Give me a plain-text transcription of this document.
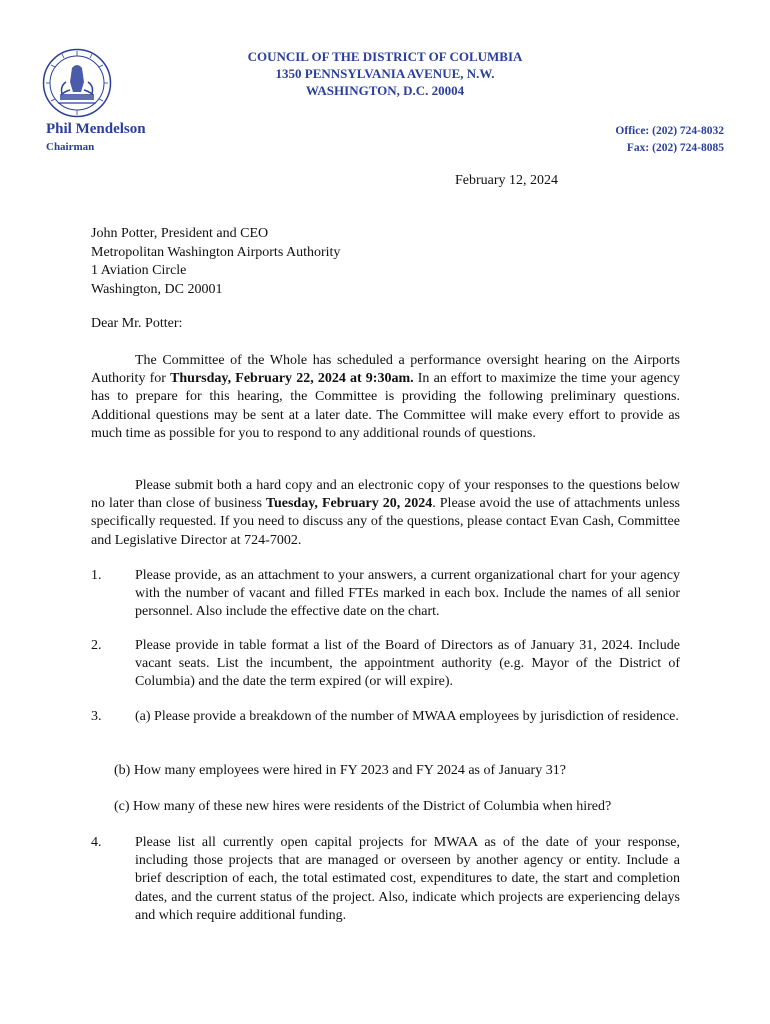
COUNCIL OF THE DISTRICT OF COLUMBIA
1350 PENNSYLVANIA AVENUE, N.W.
WASHINGTON, D.C. 20004
Phil Mendelson
Chairman
Office: (202) 724-8032
Fax: (202) 724-8085
February 12, 2024
John Potter, President and CEO
Metropolitan Washington Airports Authority
1 Aviation Circle
Washington, DC 20001
Dear Mr. Potter:
The Committee of the Whole has scheduled a performance oversight hearing on the Airports Authority for Thursday, February 22, 2024 at 9:30am. In an effort to maximize the time your agency has to prepare for this hearing, the Committee is providing the following preliminary questions. Additional questions may be sent at a later date. The Committee will make every effort to provide as much time as possible for you to respond to any additional rounds of questions.
Please submit both a hard copy and an electronic copy of your responses to the questions below no later than close of business Tuesday, February 20, 2024. Please avoid the use of attachments unless specifically requested. If you need to discuss any of the questions, please contact Evan Cash, Committee and Legislative Director at 724-7002.
1.	Please provide, as an attachment to your answers, a current organizational chart for your agency with the number of vacant and filled FTEs marked in each box. Include the names of all senior personnel. Also include the effective date on the chart.
2.	Please provide in table format a list of the Board of Directors as of January 31, 2024. Include vacant seats. List the incumbent, the appointment authority (e.g. Mayor of the District of Columbia) and the date the term expired (or will expire).
3.	(a) Please provide a breakdown of the number of MWAA employees by jurisdiction of residence.
(b) How many employees were hired in FY 2023 and FY 2024 as of January 31?
(c) How many of these new hires were residents of the District of Columbia when hired?
4.	Please list all currently open capital projects for MWAA as of the date of your response, including those projects that are managed or overseen by another agency or entity. Include a brief description of each, the total estimated cost, expenditures to date, the start and completion dates, and the current status of the project. Also, indicate which projects are experiencing delays and which require additional funding.
